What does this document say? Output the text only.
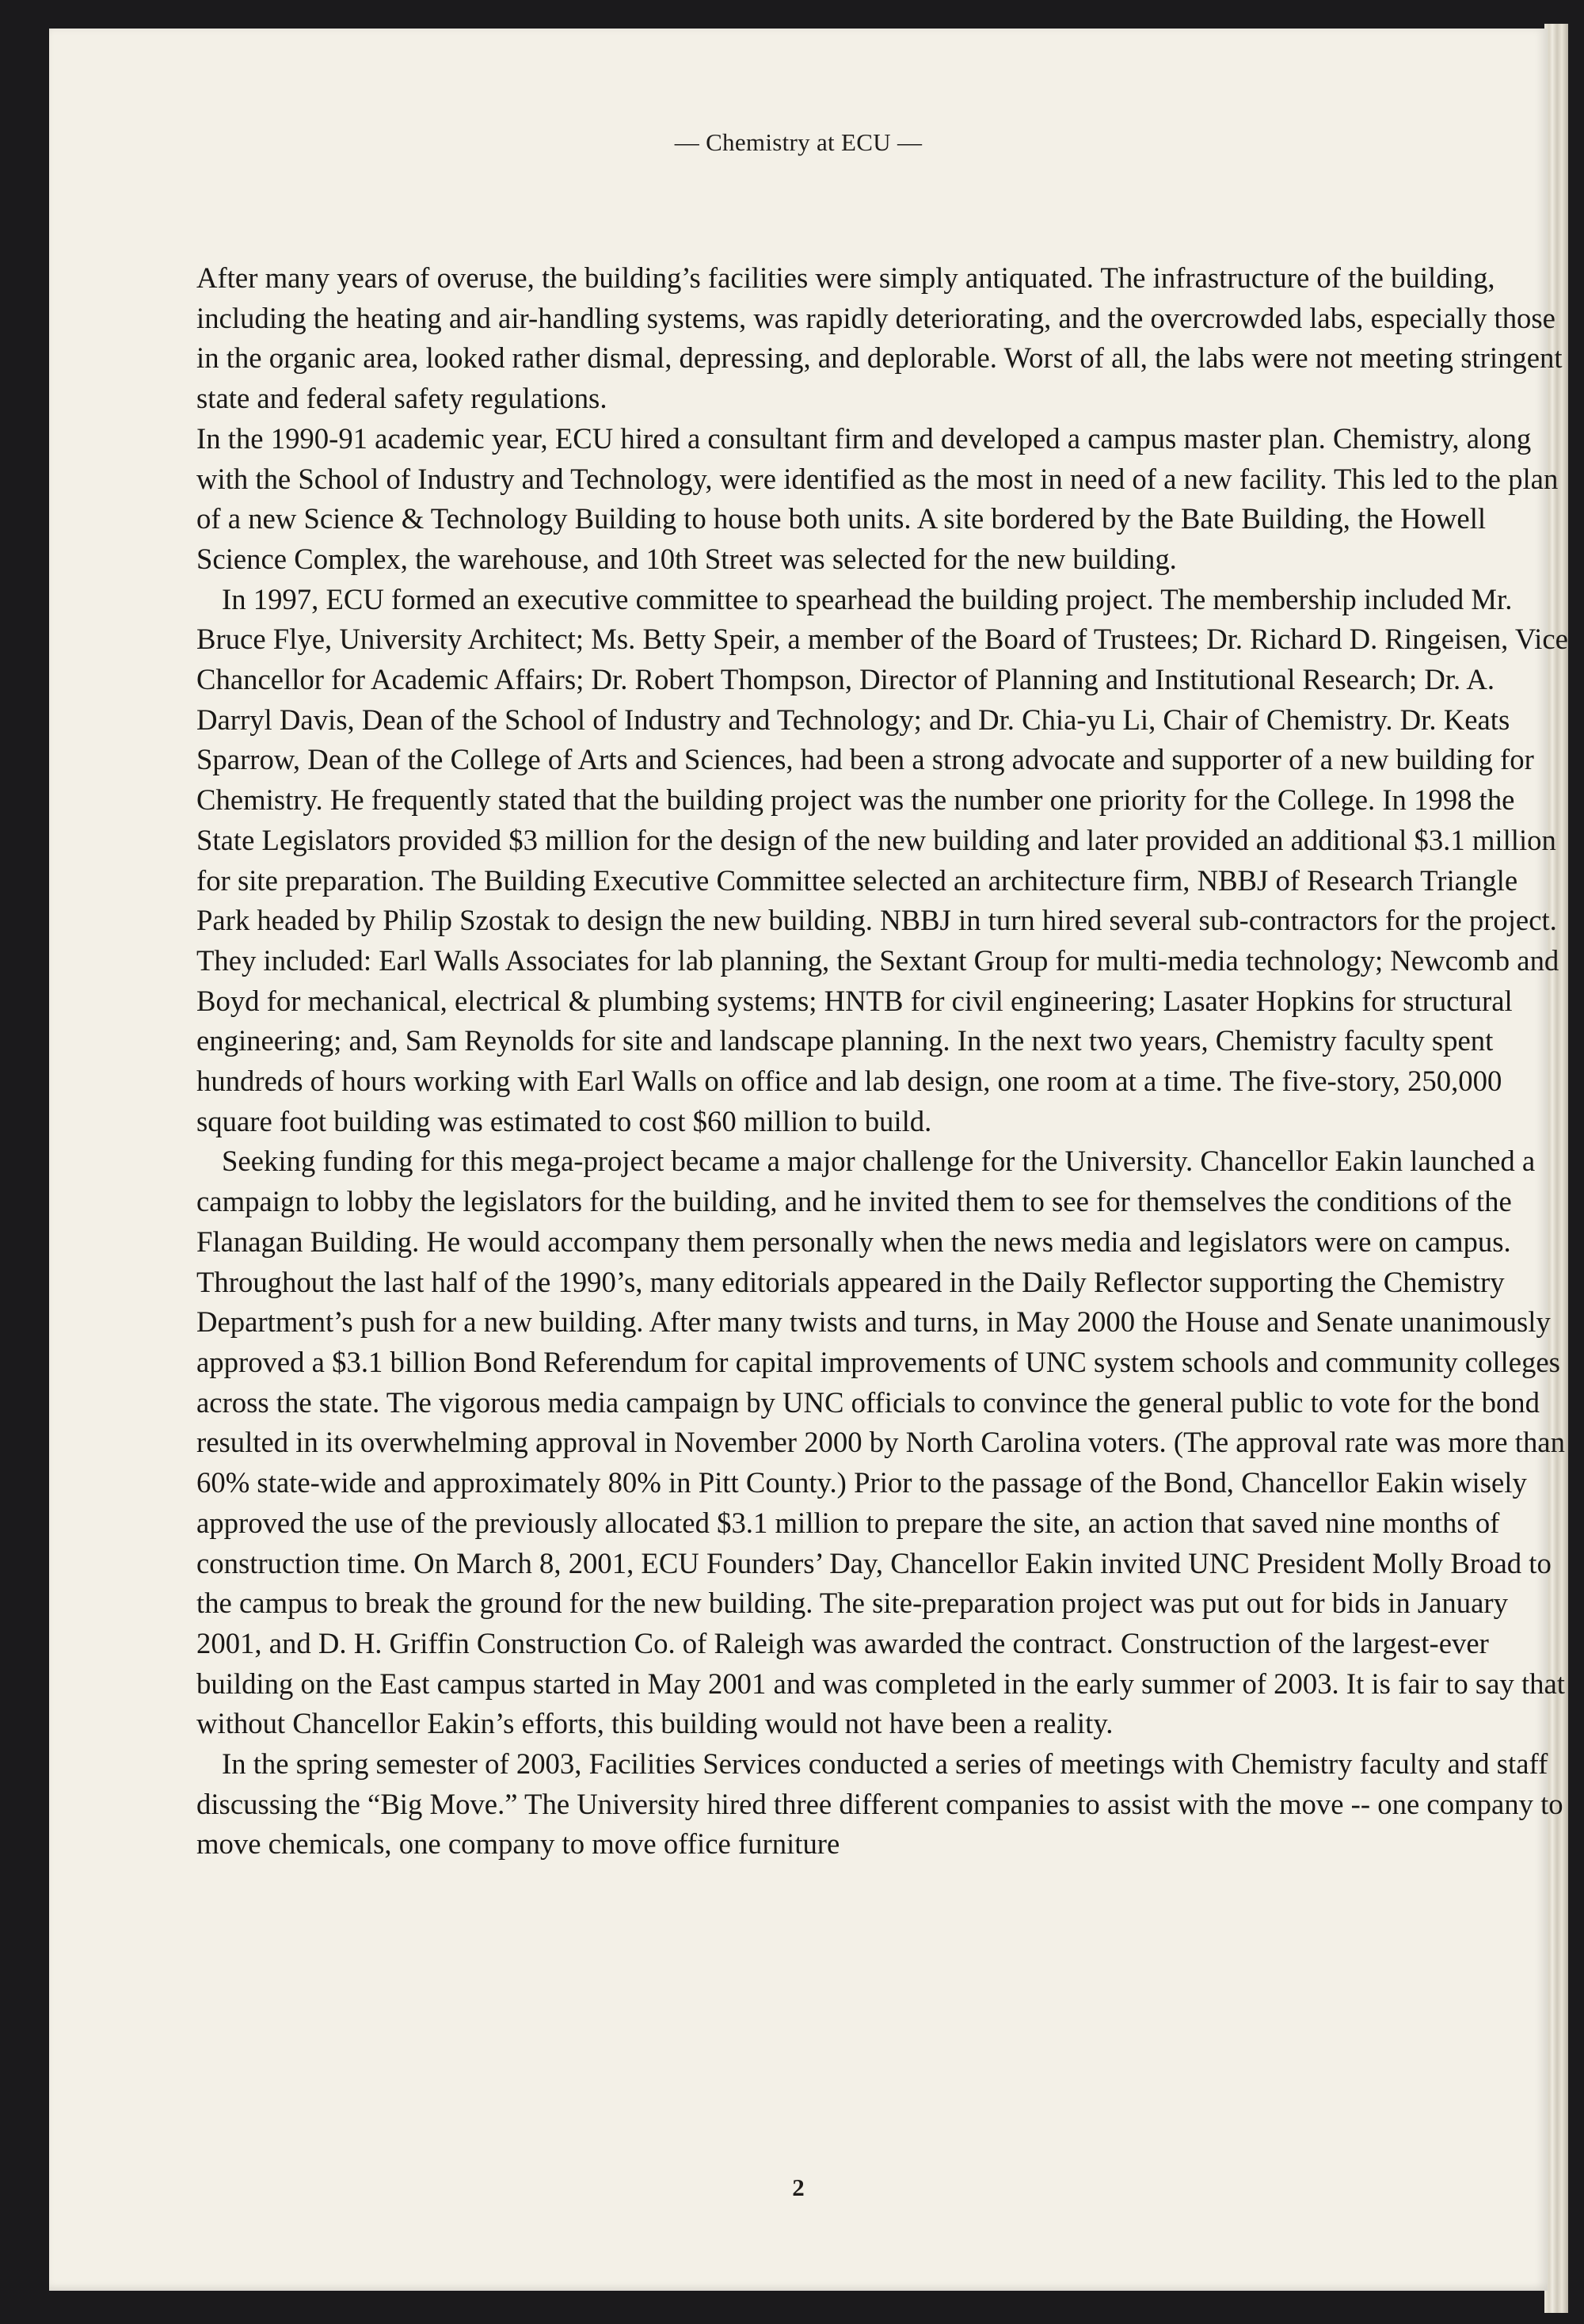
— Chemistry at ECU —

After many years of overuse, the building’s facilities were simply antiquated. The infrastructure of the building, including the heating and air-handling systems, was rapidly deteriorating, and the overcrowded labs, especially those in the organic area, looked rather dismal, depressing, and deplorable. Worst of all, the labs were not meeting stringent state and federal safety regulations.

In the 1990-91 academic year, ECU hired a consultant firm and developed a campus master plan. Chemistry, along with the School of Industry and Technology, were identified as the most in need of a new facility. This led to the plan of a new Science & Technology Building to house both units. A site bordered by the Bate Building, the Howell Science Complex, the warehouse, and 10th Street was selected for the new building.

In 1997, ECU formed an executive committee to spearhead the building project. The membership included Mr. Bruce Flye, University Architect; Ms. Betty Speir, a member of the Board of Trustees; Dr. Richard D. Ringeisen, Vice Chancellor for Academic Affairs; Dr. Robert Thompson, Director of Planning and Institutional Research; Dr. A. Darryl Davis, Dean of the School of Industry and Technology; and Dr. Chia-yu Li, Chair of Chemistry. Dr. Keats Sparrow, Dean of the College of Arts and Sciences, had been a strong advocate and supporter of a new building for Chemistry. He frequently stated that the building project was the number one priority for the College. In 1998 the State Legislators provided $3 million for the design of the new building and later provided an additional $3.1 million for site preparation. The Building Executive Committee selected an architecture firm, NBBJ of Research Triangle Park headed by Philip Szostak to design the new building. NBBJ in turn hired several sub-contractors for the project. They included: Earl Walls Associates for lab planning, the Sextant Group for multi-media technology; Newcomb and Boyd for mechanical, electrical & plumbing systems; HNTB for civil engineering; Lasater Hopkins for structural engineering; and, Sam Reynolds for site and landscape planning. In the next two years, Chemistry faculty spent hundreds of hours working with Earl Walls on office and lab design, one room at a time. The five-story, 250,000 square foot building was estimated to cost $60 million to build.

Seeking funding for this mega-project became a major challenge for the University. Chancellor Eakin launched a campaign to lobby the legislators for the building, and he invited them to see for themselves the conditions of the Flanagan Building. He would accompany them personally when the news media and legislators were on campus. Throughout the last half of the 1990’s, many editorials appeared in the Daily Reflector supporting the Chemistry Department’s push for a new building. After many twists and turns, in May 2000 the House and Senate unanimously approved a $3.1 billion Bond Referendum for capital improvements of UNC system schools and community colleges across the state. The vigorous media campaign by UNC officials to convince the general public to vote for the bond resulted in its overwhelming approval in November 2000 by North Carolina voters. (The approval rate was more than 60% state-wide and approximately 80% in Pitt County.) Prior to the passage of the Bond, Chancellor Eakin wisely approved the use of the previously allocated $3.1 million to prepare the site, an action that saved nine months of construction time. On March 8, 2001, ECU Founders’ Day, Chancellor Eakin invited UNC President Molly Broad to the campus to break the ground for the new building. The site-preparation project was put out for bids in January 2001, and D. H. Griffin Construction Co. of Raleigh was awarded the contract. Construction of the largest-ever building on the East campus started in May 2001 and was completed in the early summer of 2003. It is fair to say that without Chancellor Eakin’s efforts, this building would not have been a reality.

In the spring semester of 2003, Facilities Services conducted a series of meetings with Chemistry faculty and staff discussing the “Big Move.” The University hired three different companies to assist with the move -- one company to move chemicals, one company to move office furniture

2
